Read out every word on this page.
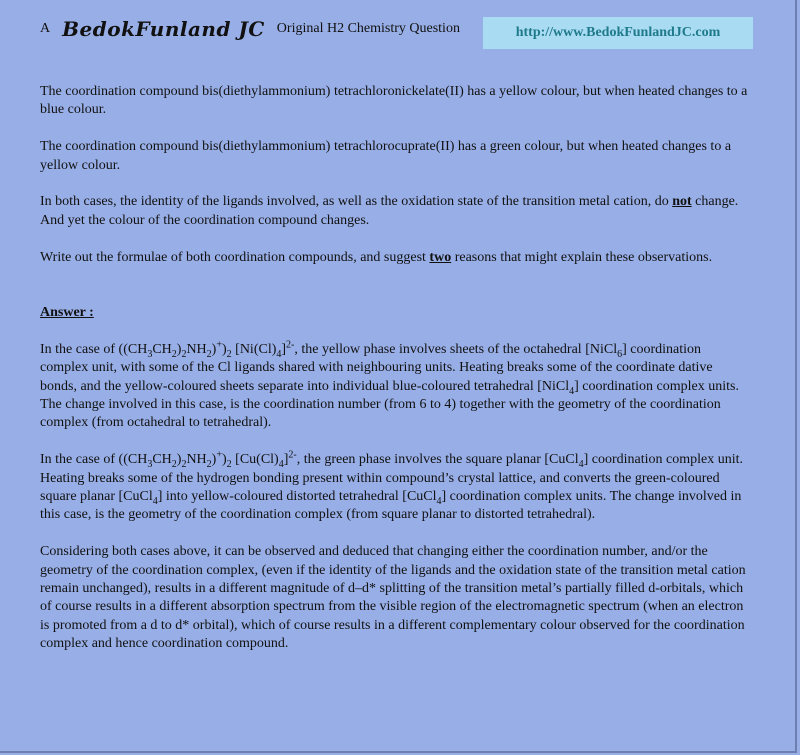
A BedokFunland JC Original H2 Chemistry Question	http://www.BedokFunlandJC.com

The coordination compound bis(diethylammonium) tetrachloronickelate(II) has a yellow colour, but when heated changes to a blue colour.

The coordination compound bis(diethylammonium) tetrachlorocuprate(II) has a green colour, but when heated changes to a yellow colour.

In both cases, the identity of the ligands involved, as well as the oxidation state of the transition metal cation, do not change. And yet the colour of the coordination compound changes.

Write out the formulae of both coordination compounds, and suggest two reasons that might explain these observations.

Answer :

In the case of $((CH_3CH_2)_2NH_2)^+)_2$ $[Ni(Cl)_4]^{2-}$, the yellow phase involves sheets of the octahedral [NiCl$_6$] coordination complex unit, with some of the Cl ligands shared with neighbouring units. Heating breaks some of the coordinate dative bonds, and the yellow-coloured sheets separate into individual blue-coloured tetrahedral [NiCl$_4$] coordination complex units. The change involved in this case, is the coordination number (from 6 to 4) together with the geometry of the coordination complex (from octahedral to tetrahedral).

In the case of $((CH_3CH_2)_2NH_2)^+)_2$ $[Cu(Cl)_4]^{2-}$, the green phase involves the square planar [CuCl$_4$] coordination complex unit. Heating breaks some of the hydrogen bonding present within compound’s crystal lattice, and converts the green-coloured square planar [CuCl$_4$] into yellow-coloured distorted tetrahedral [CuCl$_4$] coordination complex units. The change involved in this case, is the geometry of the coordination complex (from square planar to distorted tetrahedral).

Considering both cases above, it can be observed and deduced that changing either the coordination number, and/or the geometry of the coordination complex, (even if the identity of the ligands and the oxidation state of the transition metal cation remain unchanged), results in a different magnitude of d–d* splitting of the transition metal’s partially filled d-orbitals, which of course results in a different absorption spectrum from the visible region of the electromagnetic spectrum (when an electron is promoted from a d to d* orbital), which of course results in a different complementary colour observed for the coordination complex and hence coordination compound.
